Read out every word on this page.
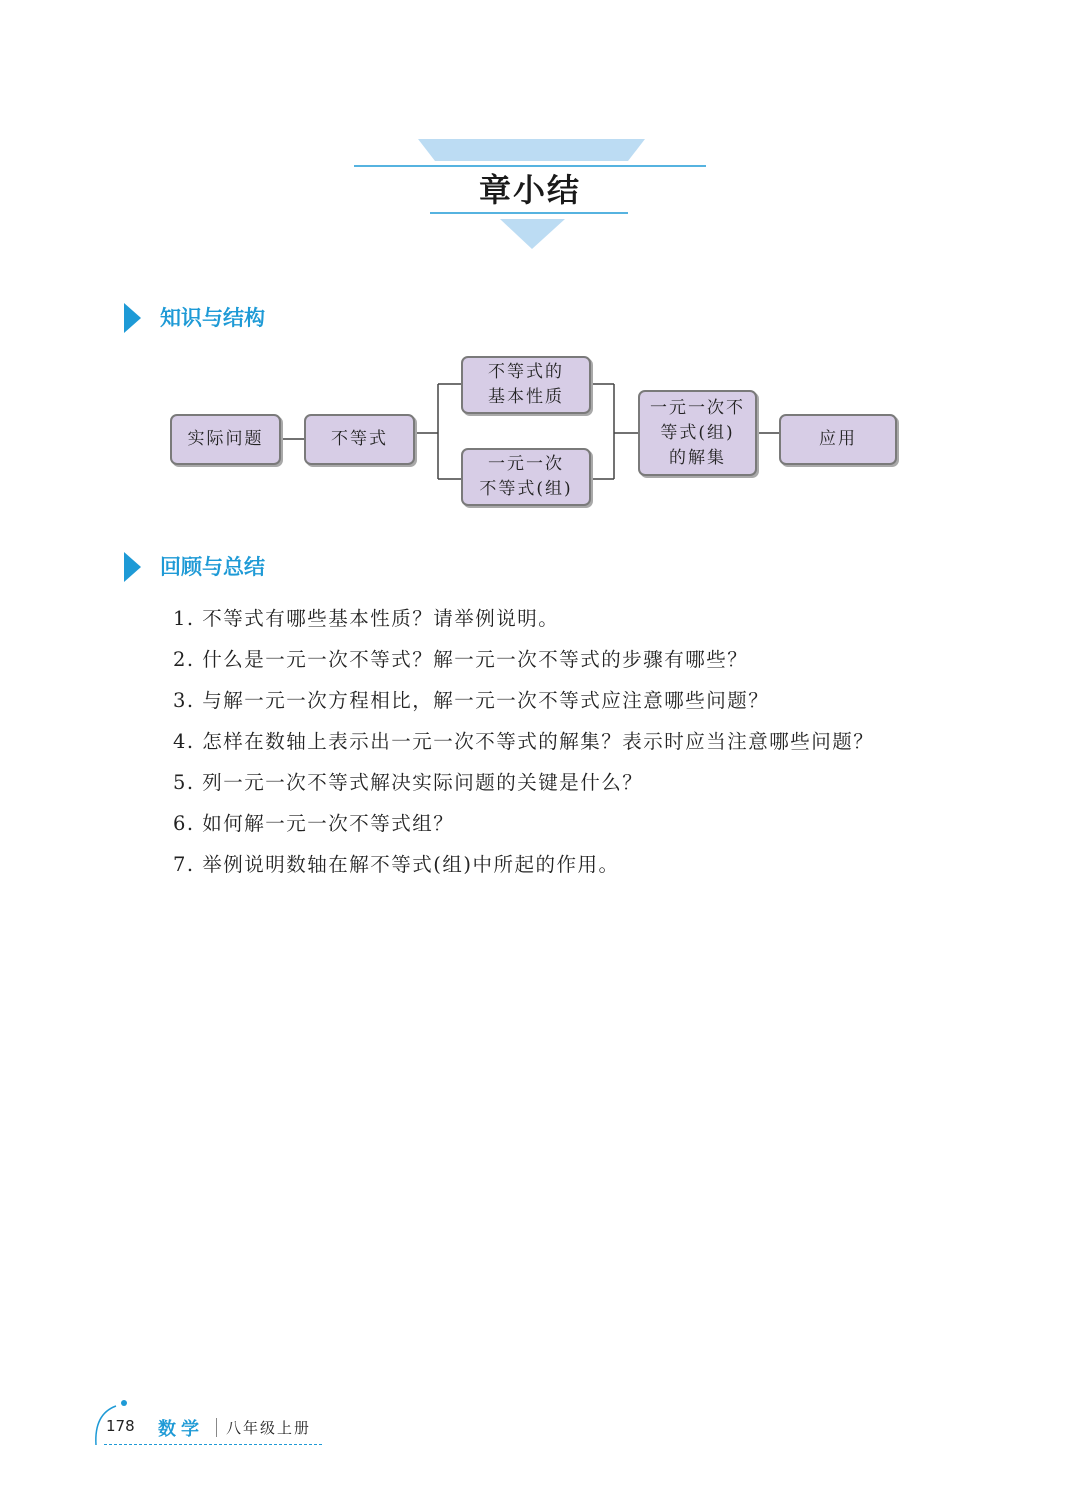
章小结
知识与结构
实际问题	不等式
不等式的
基本性质
一元一次
不等式(组)
一元一次不
等式(组)
的解集
应用
回顾与总结
1. 不等式有哪些基本性质？请举例说明。
2. 什么是一元一次不等式？解一元一次不等式的步骤有哪些？
3. 与解一元一次方程相比，解一元一次不等式应注意哪些问题？
4. 怎样在数轴上表示出一元一次不等式的解集？表示时应当注意哪些问题？
5. 列一元一次不等式解决实际问题的关键是什么？
6. 如何解一元一次不等式组？
7. 举例说明数轴在解不等式(组)中所起的作用。
178 数学 八年级上册
